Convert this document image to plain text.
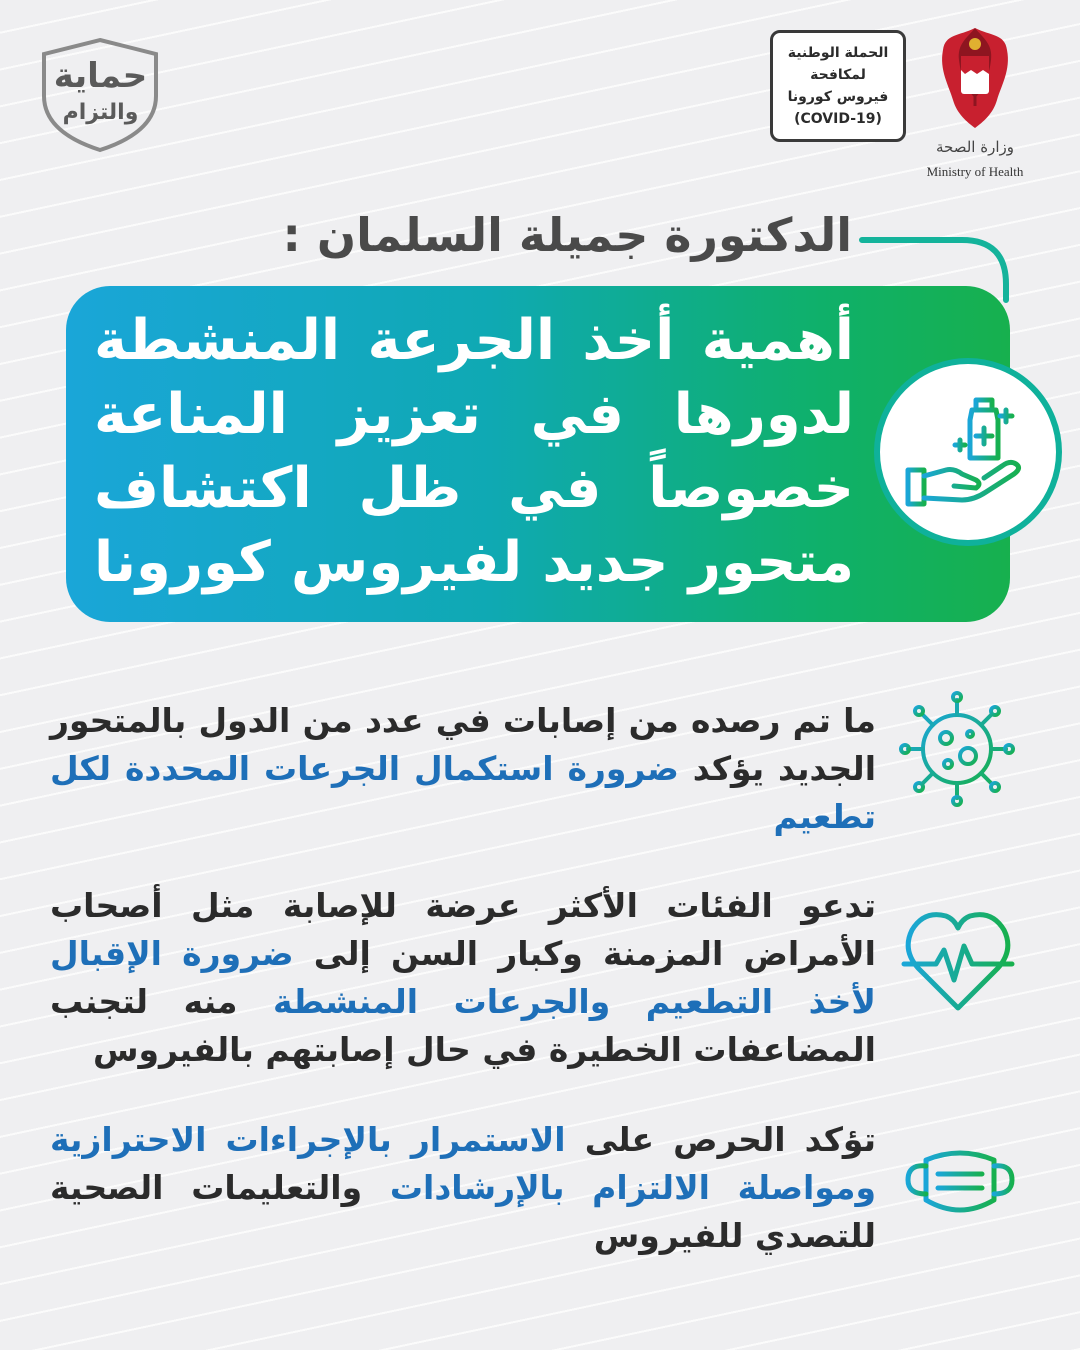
حماية
والتزام
الحملة الوطنية
لمكافحة
فيروس كورونا
(COVID-19)
وزارة الصحة
Ministry of Health
الدكتورة جميلة السلمان :
أهمية أخذ الجرعة المنشطة
لدورها في تعزيز المناعة
خصوصاً في ظل اكتشاف
متحور جديد لفيروس كورونا
ما تم رصده من إصابات في عدد من الدول بالمتحور الجديد يؤكد ضرورة استكمال الجرعات المحددة لكل تطعيم
تدعو الفئات الأكثر عرضة للإصابة مثل أصحاب الأمراض المزمنة وكبار السن إلى ضرورة الإقبال لأخذ التطعيم والجرعات المنشطة منه لتجنب المضاعفات الخطيرة في حال إصابتهم بالفيروس
تؤكد الحرص على الاستمرار بالإجراءات الاحترازية ومواصلة الالتزام بالإرشادات والتعليمات الصحية للتصدي للفيروس
